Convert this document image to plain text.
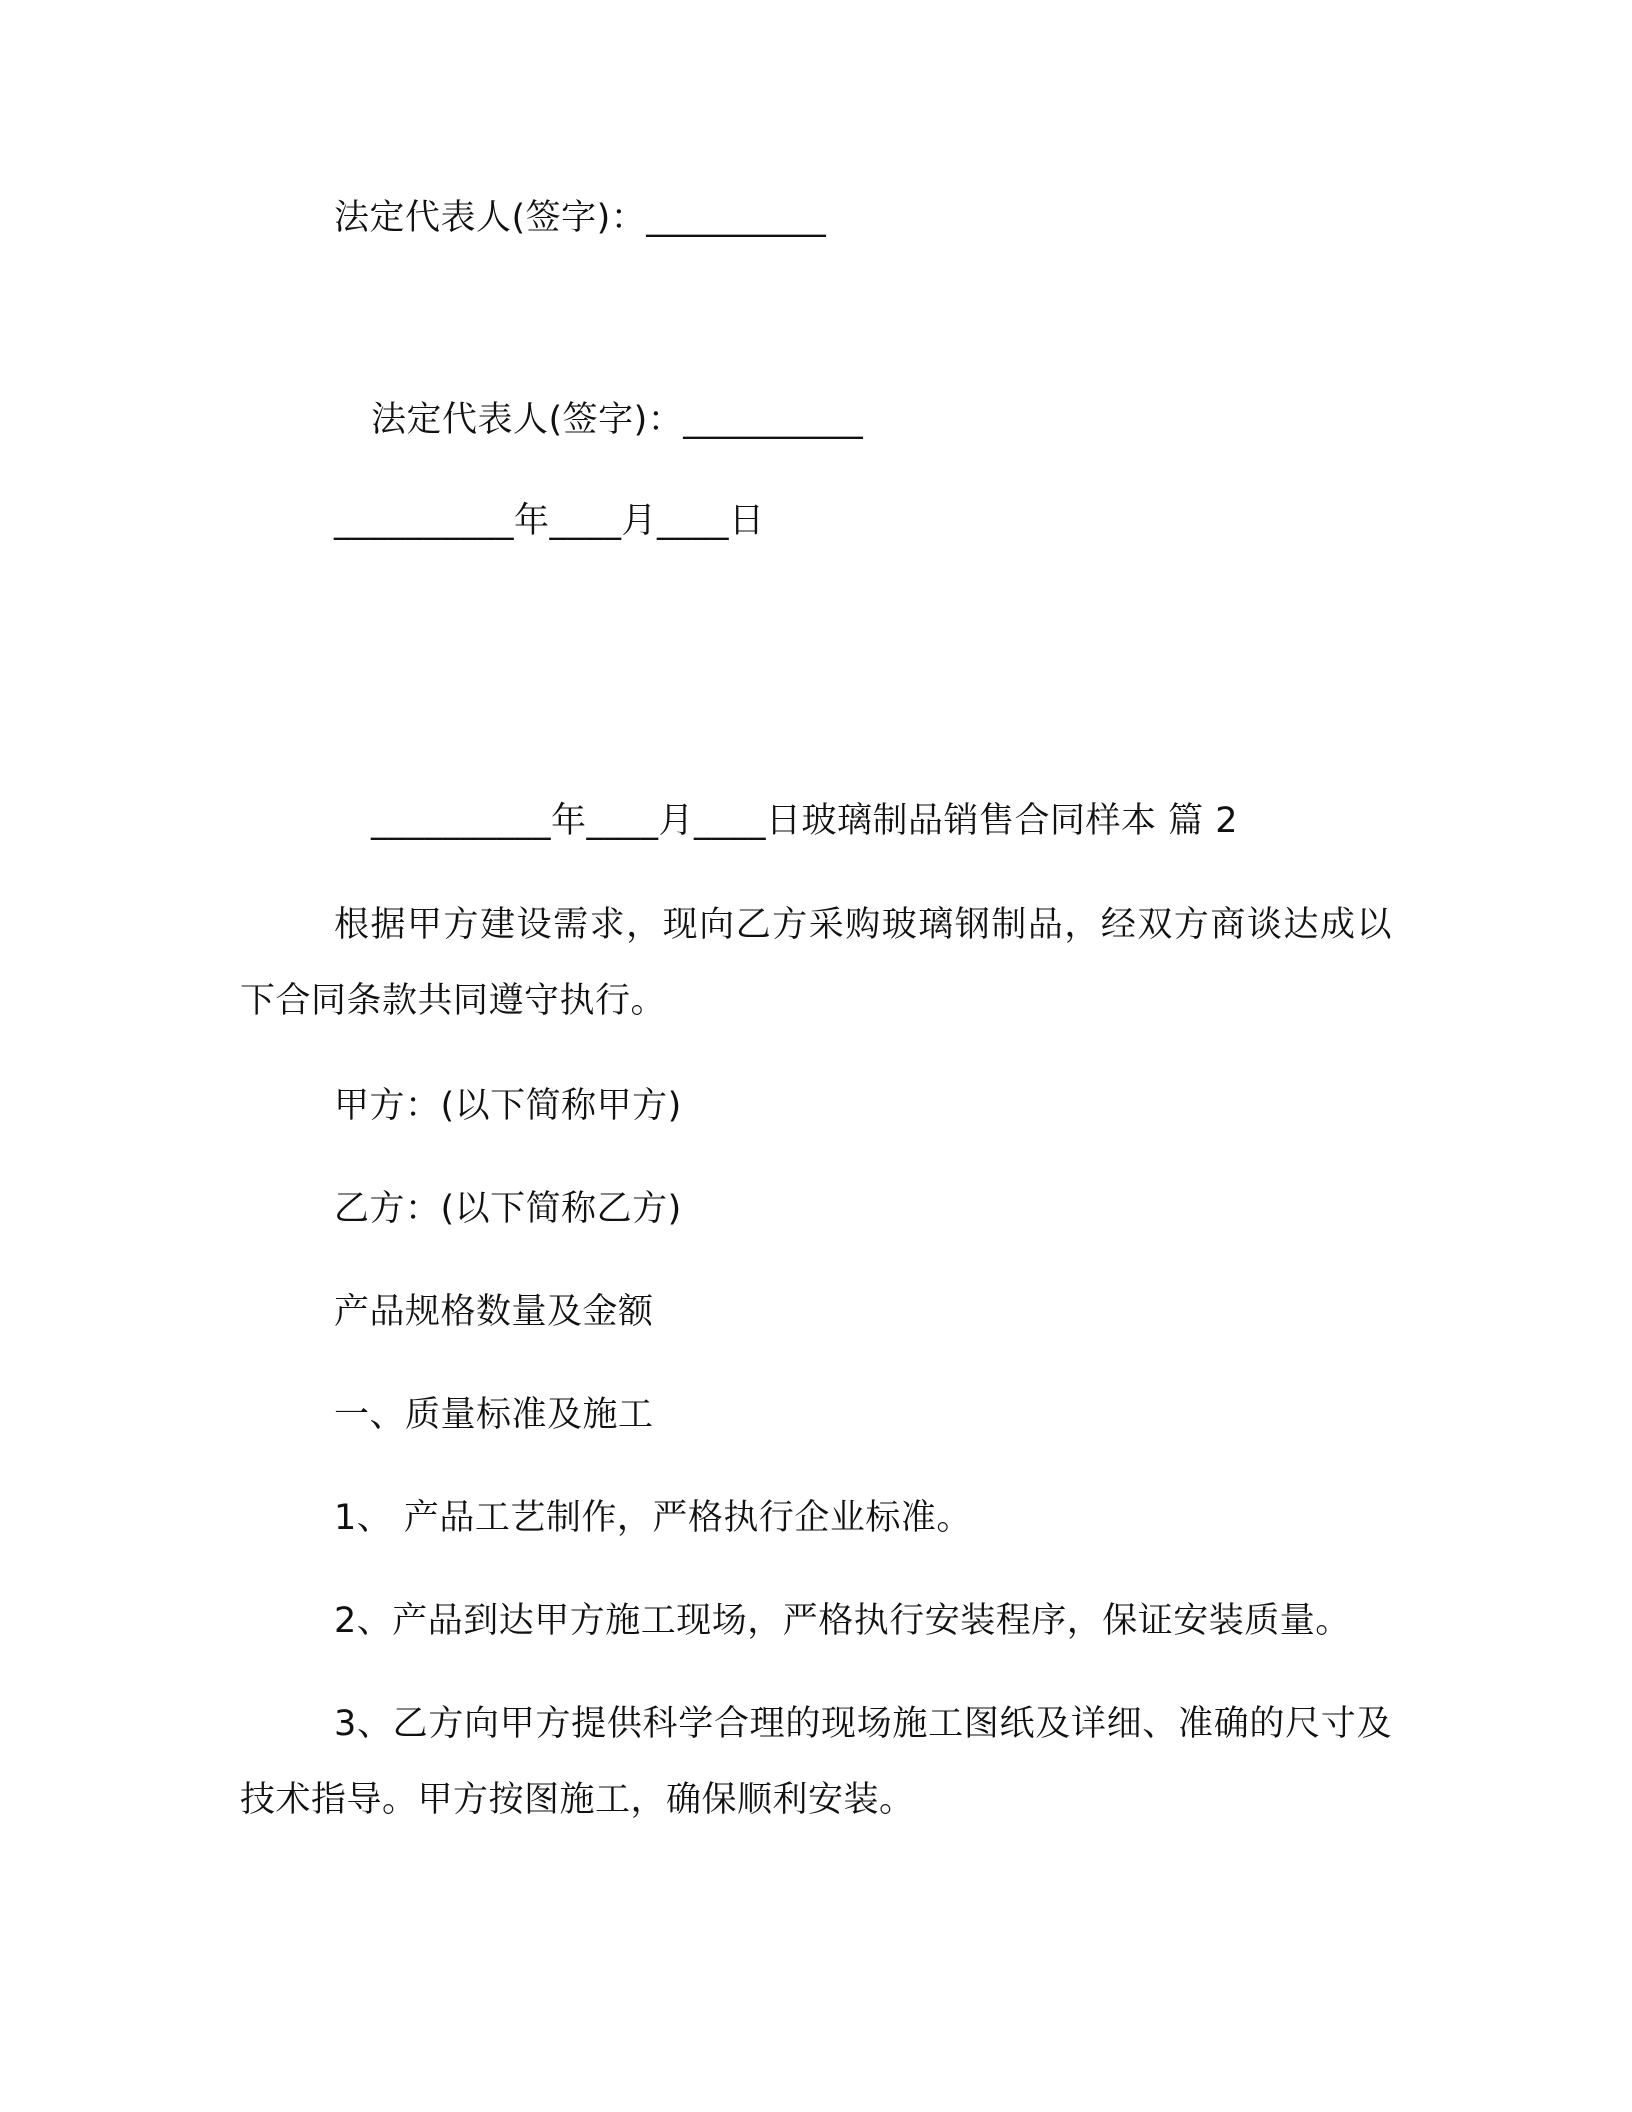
法定代表人(签字)：__________

法定代表人(签字)：__________

__________年____月____日

__________年____月____日玻璃制品销售合同样本 篇 2

根据甲方建设需求，现向乙方采购玻璃钢制品，经双方商谈达成以下合同条款共同遵守执行。

甲方：(以下简称甲方)

乙方：(以下简称乙方)

产品规格数量及金额

一、质量标准及施工

1、 产品工艺制作，严格执行企业标准。

2、产品到达甲方施工现场，严格执行安装程序，保证安装质量。

3、乙方向甲方提供科学合理的现场施工图纸及详细、准确的尺寸及技术指导。甲方按图施工，确保顺利安装。
